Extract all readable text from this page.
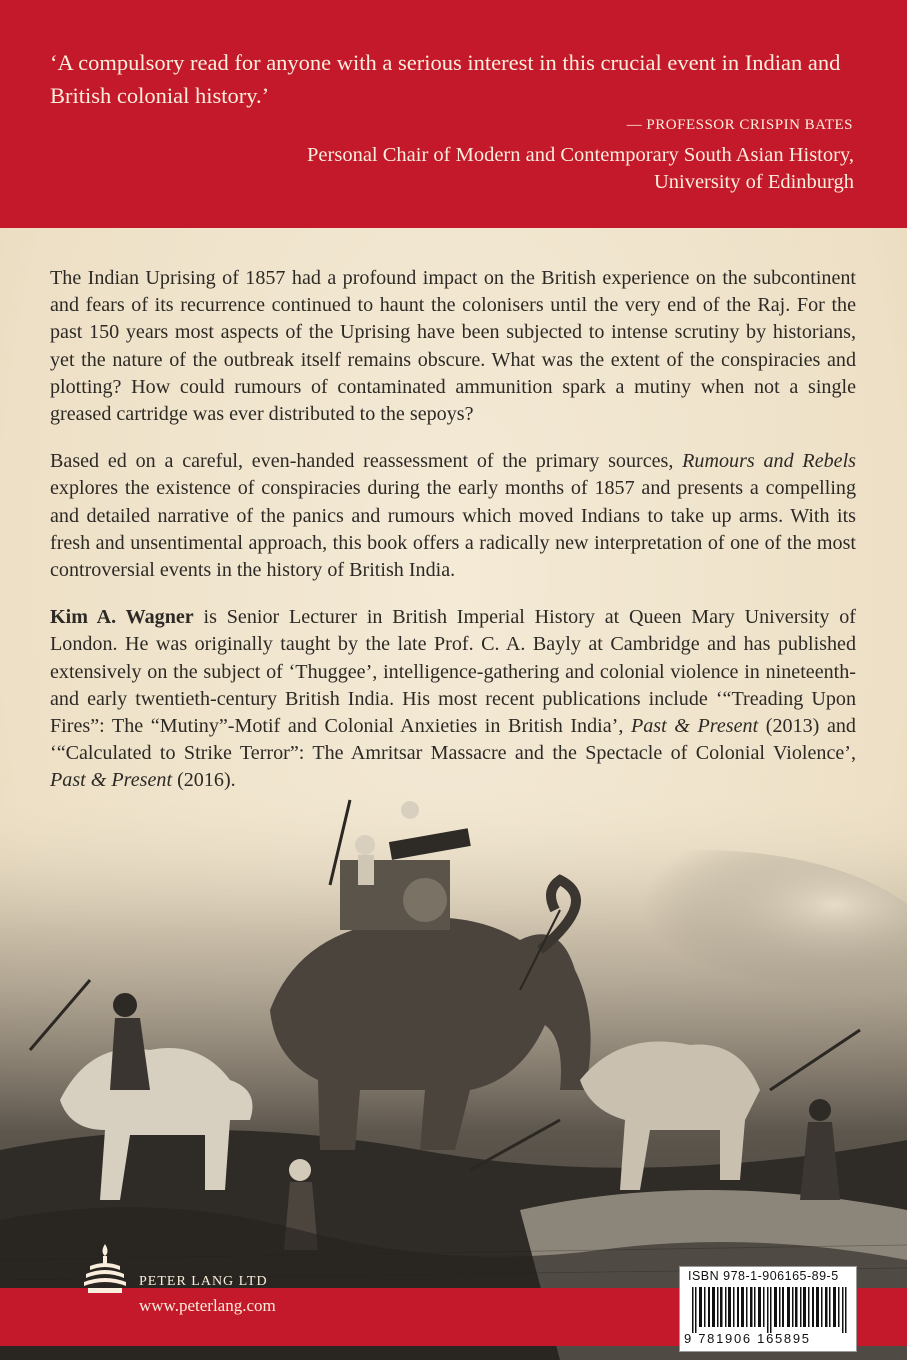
‘A compulsory read for anyone with a serious interest in this crucial event in Indian and British colonial history.’
— PROFESSOR CRISPIN BATES
Personal Chair of Modern and Contemporary South Asian History,
University of Edinburgh

The Indian Uprising of 1857 had a profound impact on the British experience on the subcontinent and fears of its recurrence continued to haunt the colonisers until the very end of the Raj. For the past 150 years most aspects of the Uprising have been subjected to intense scrutiny by historians, yet the nature of the outbreak itself remains obscure. What was the extent of the conspiracies and plotting? How could rumours of contaminated ammunition spark a mutiny when not a single greased cartridge was ever distributed to the sepoys?

Based ed on a careful, even-handed reassessment of the primary sources, Rumours and Rebels explores the existence of conspiracies during the early months of 1857 and presents a compelling and detailed narrative of the panics and rumours which moved Indians to take up arms. With its fresh and unsentimental approach, this book offers a radically new interpretation of one of the most controversial events in the history of British India.

Kim A. Wagner is Senior Lecturer in British Imperial History at Queen Mary University of London. He was originally taught by the late Prof. C. A. Bayly at Cambridge and has published extensively on the subject of ‘Thuggee’, intelligence-gathering and colonial violence in nineteenth- and early twentieth-century British India. His most recent publications include ‘“Treading Upon Fires”: The “Mutiny”-Motif and Colonial Anxieties in British India’, Past & Present (2013) and ‘“Calculated to Strike Terror”: The Amritsar Massacre and the Spectacle of Colonial Violence’, Past & Present (2016).

PETER LANG LTD
www.peterlang.com
ISBN 978-1-906165-89-5
9 781906 165895
